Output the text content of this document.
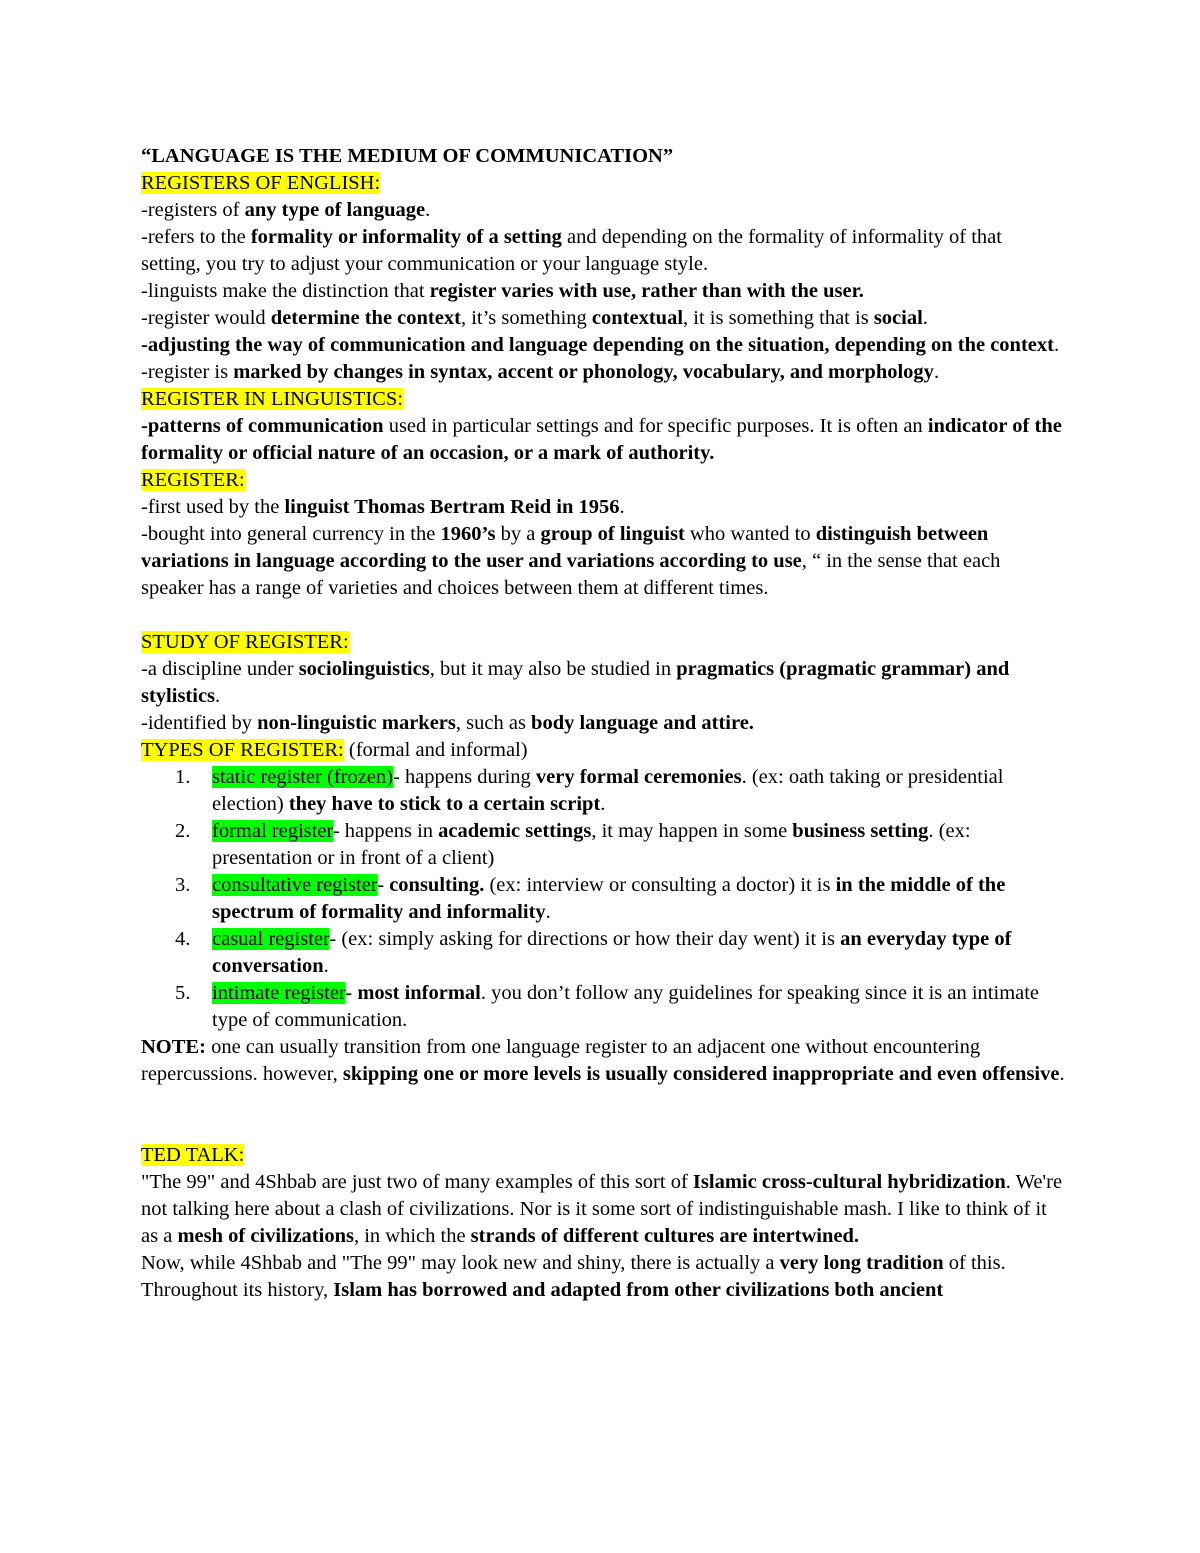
“LANGUAGE IS THE MEDIUM OF COMMUNICATION”

REGISTERS OF ENGLISH:

-registers of any type of language.

-refers to the formality or informality of a setting and depending on the formality of informality of that setting, you try to adjust your communication or your language style.

-linguists make the distinction that register varies with use, rather than with the user.

-register would determine the context, it’s something contextual, it is something that is social.

-adjusting the way of communication and language depending on the situation, depending on the context.

-register is marked by changes in syntax, accent or phonology, vocabulary, and morphology.

REGISTER IN LINGUISTICS:

-patterns of communication used in particular settings and for specific purposes. It is often an indicator of the formality or official nature of an occasion, or a mark of authority.

REGISTER:

-first used by the linguist Thomas Bertram Reid in 1956.

-bought into general currency in the 1960’s by a group of linguist who wanted to distinguish between variations in language according to the user and variations according to use, “ in the sense that each speaker has a range of varieties and choices between them at different times.

STUDY OF REGISTER:

-a discipline under sociolinguistics, but it may also be studied in pragmatics (pragmatic grammar) and stylistics.

-identified by non-linguistic markers, such as body language and attire.

TYPES OF REGISTER: (formal and informal)

1. static register (frozen)- happens during very formal ceremonies. (ex: oath taking or presidential election) they have to stick to a certain script.
2. formal register- happens in academic settings, it may happen in some business setting. (ex: presentation or in front of a client)
3. consultative register- consulting. (ex: interview or consulting a doctor) it is in the middle of the spectrum of formality and informality.
4. casual register- (ex: simply asking for directions or how their day went) it is an everyday type of conversation.
5. intimate register- most informal. you don’t follow any guidelines for speaking since it is an intimate type of communication.

NOTE: one can usually transition from one language register to an adjacent one without encountering repercussions. however, skipping one or more levels is usually considered inappropriate and even offensive.

TED TALK:

"The 99" and 4Shbab are just two of many examples of this sort of Islamic cross-cultural hybridization. We're not talking here about a clash of civilizations. Nor is it some sort of indistinguishable mash. I like to think of it as a mesh of civilizations, in which the strands of different cultures are intertwined.

Now, while 4Shbab and "The 99" may look new and shiny, there is actually a very long tradition of this. Throughout its history, Islam has borrowed and adapted from other civilizations both ancient
